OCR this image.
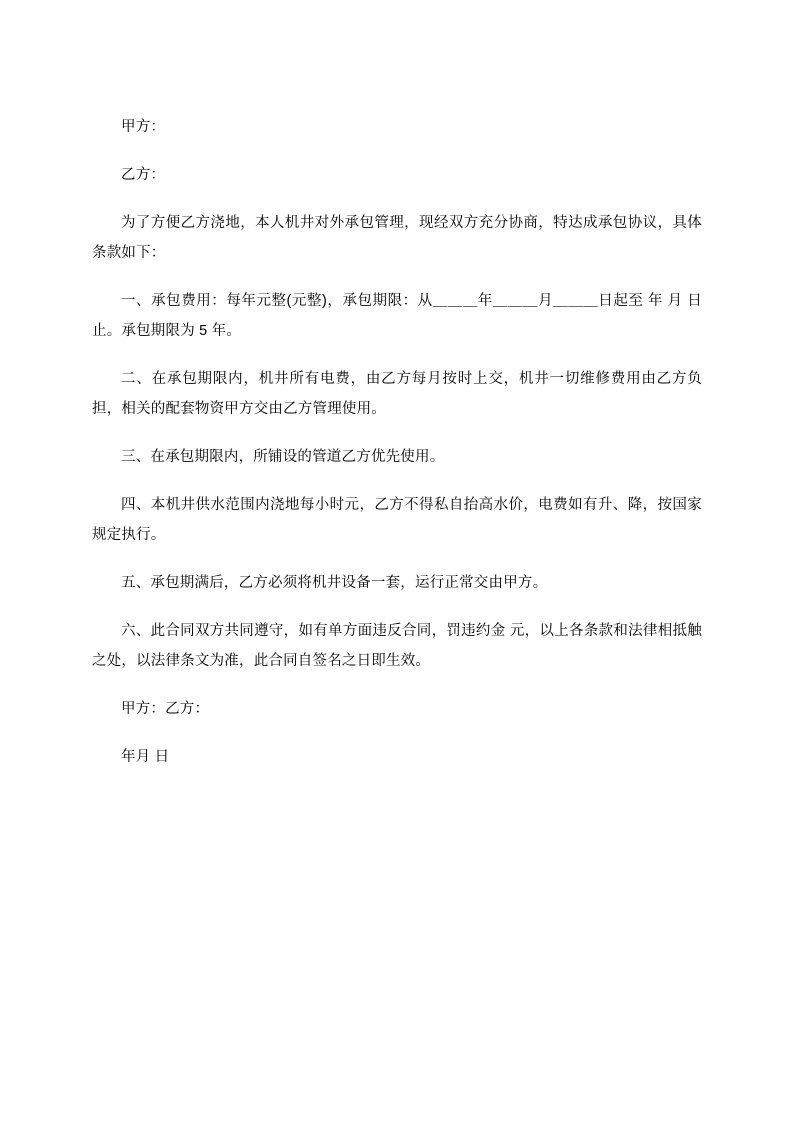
甲方：

乙方：

为了方便乙方浇地，本人机井对外承包管理，现经双方充分协商，特达成承包协议，具体条款如下：

一、承包费用：每年元整(元整)，承包期限：从＿＿＿年＿＿＿月＿＿＿日起至 年 月 日止。承包期限为 5 年。

二、在承包期限内，机井所有电费，由乙方每月按时上交，机井一切维修费用由乙方负担，相关的配套物资甲方交由乙方管理使用。

三、在承包期限内，所铺设的管道乙方优先使用。

四、本机井供水范围内浇地每小时元，乙方不得私自抬高水价，电费如有升、降，按国家规定执行。

五、承包期满后，乙方必须将机井设备一套，运行正常交由甲方。

六、此合同双方共同遵守，如有单方面违反合同，罚违约金 元，以上各条款和法律相抵触之处，以法律条文为准，此合同自签名之日即生效。

甲方：乙方：

年月 日
